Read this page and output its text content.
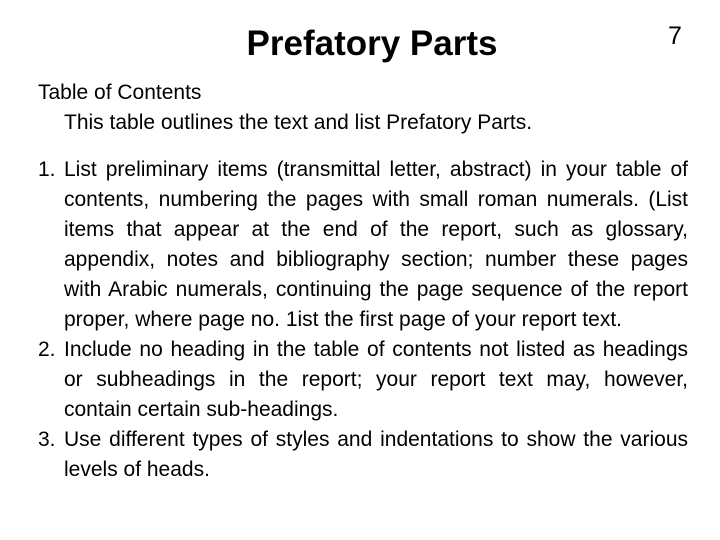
Prefatory Parts	7

Table of Contents

This table outlines the text and list Prefatory Parts.

1. List preliminary items (transmittal letter, abstract) in your table of contents, numbering the pages with small roman numerals. (List items that appear at the end of the report, such as glossary, appendix, notes and bibliography section; number these pages with Arabic numerals, continuing the page sequence of the report proper, where page no. 1ist the first page of your report text.
2. Include no heading in the table of contents not listed as headings or subheadings in the report; your report text may, however, contain certain sub-headings.
3. Use different types of styles and indentations to show the various levels of heads.
